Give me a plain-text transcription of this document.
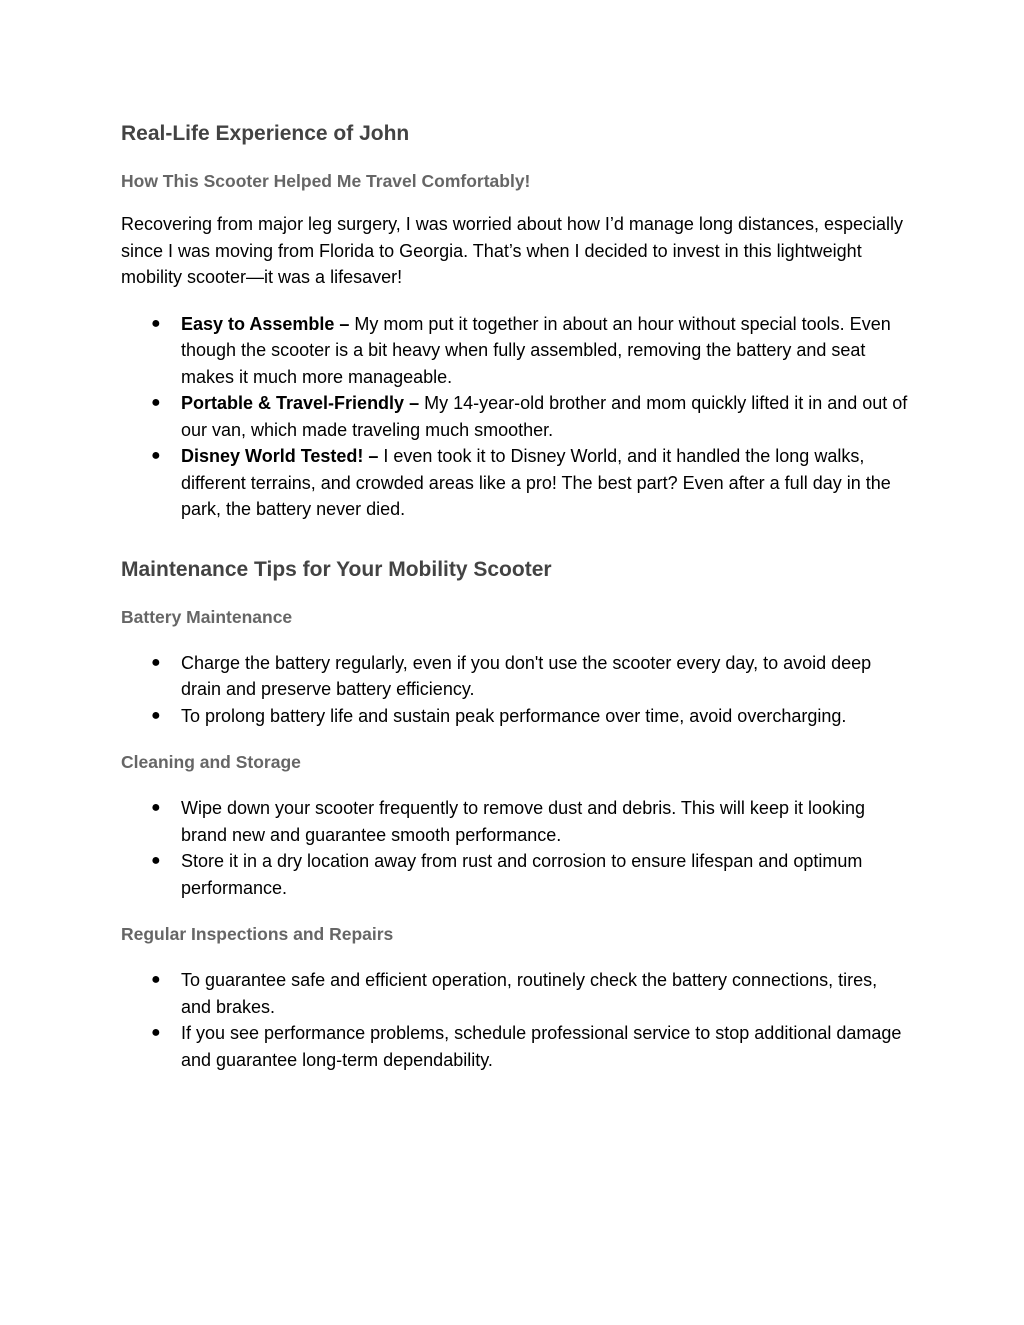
Real-Life Experience of John
How This Scooter Helped Me Travel Comfortably!

Recovering from major leg surgery, I was worried about how I’d manage long distances, especially since I was moving from Florida to Georgia. That’s when I decided to invest in this lightweight mobility scooter—it was a lifesaver!

● Easy to Assemble – My mom put it together in about an hour without special tools. Even though the scooter is a bit heavy when fully assembled, removing the battery and seat makes it much more manageable.
● Portable & Travel-Friendly – My 14-year-old brother and mom quickly lifted it in and out of our van, which made traveling much smoother.
● Disney World Tested! – I even took it to Disney World, and it handled the long walks, different terrains, and crowded areas like a pro! The best part? Even after a full day in the park, the battery never died.
Maintenance Tips for Your Mobility Scooter
Battery Maintenance
● Charge the battery regularly, even if you don't use the scooter every day, to avoid deep drain and preserve battery efficiency.
● To prolong battery life and sustain peak performance over time, avoid overcharging.
Cleaning and Storage
● Wipe down your scooter frequently to remove dust and debris. This will keep it looking brand new and guarantee smooth performance.
● Store it in a dry location away from rust and corrosion to ensure lifespan and optimum performance.
Regular Inspections and Repairs
● To guarantee safe and efficient operation, routinely check the battery connections, tires, and brakes.
● If you see performance problems, schedule professional service to stop additional damage and guarantee long-term dependability.
